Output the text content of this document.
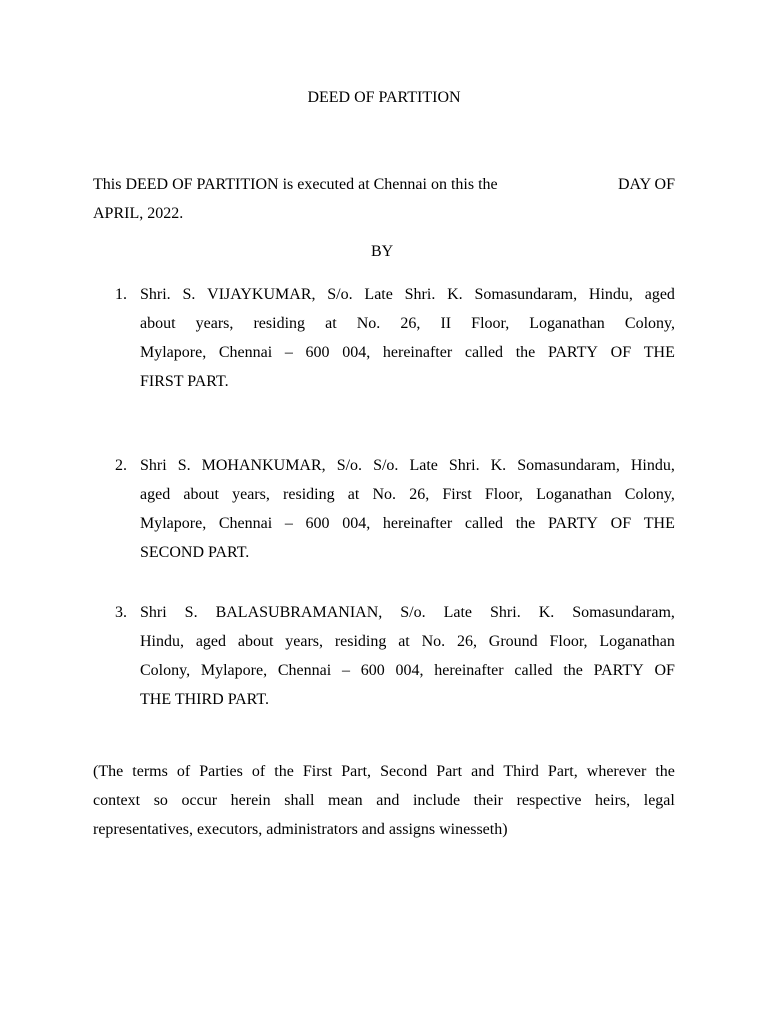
DEED OF PARTITION
This DEED OF PARTITION is executed at Chennai on this the	DAY OF
APRIL, 2022.
BY
1. Shri. S. VIJAYKUMAR, S/o. Late Shri. K. Somasundaram, Hindu, aged
about years, residing at No. 26, II Floor, Loganathan Colony,
Mylapore, Chennai – 600 004, hereinafter called the PARTY OF THE
FIRST PART.
2. Shri S. MOHANKUMAR, S/o. S/o. Late Shri. K. Somasundaram, Hindu,
aged about years, residing at No. 26, First Floor, Loganathan Colony,
Mylapore, Chennai – 600 004, hereinafter called the PARTY OF THE
SECOND PART.
3. Shri S. BALASUBRAMANIAN, S/o. Late Shri. K. Somasundaram,
Hindu, aged about years, residing at No. 26, Ground Floor, Loganathan
Colony, Mylapore, Chennai – 600 004, hereinafter called the PARTY OF
THE THIRD PART.
(The terms of Parties of the First Part, Second Part and Third Part, wherever the
context so occur herein shall mean and include their respective heirs, legal
representatives, executors, administrators and assigns winesseth)
